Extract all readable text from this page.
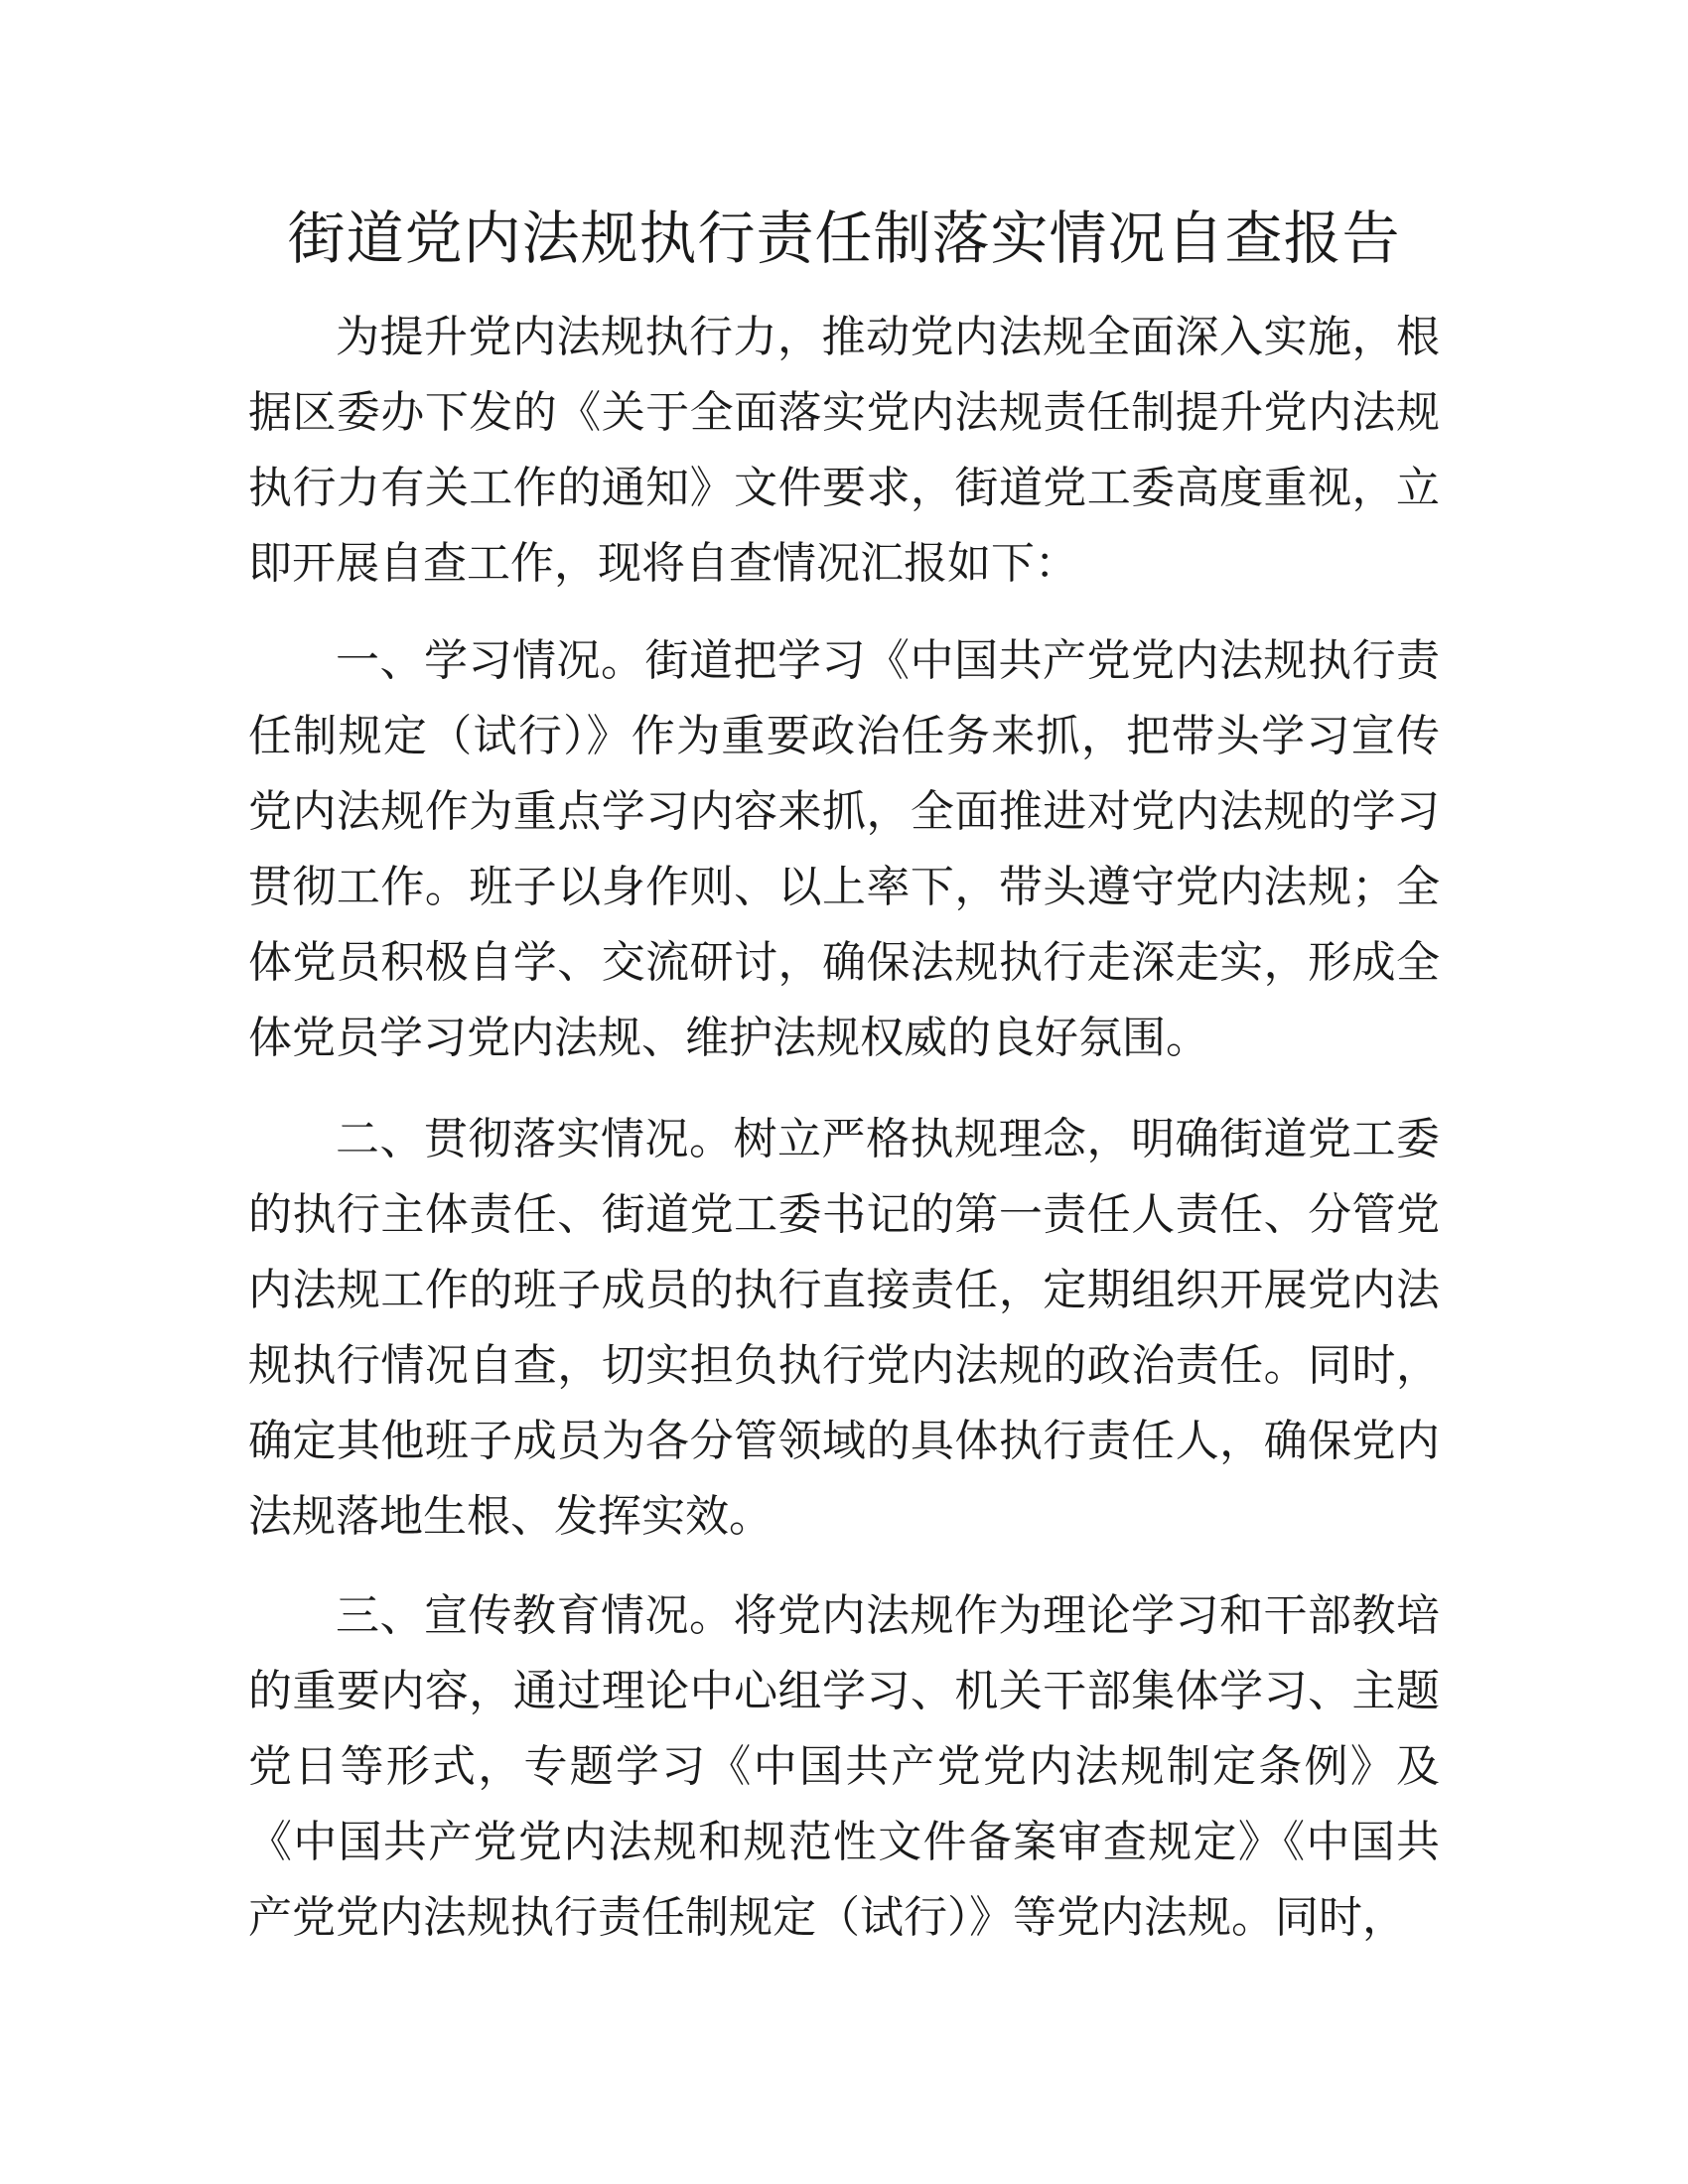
街道党内法规执行责任制落实情况自查报告

为提升党内法规执行力，推动党内法规全面深入实施，根据区委办下发的《关于全面落实党内法规责任制提升党内法规执行力有关工作的通知》文件要求，街道党工委高度重视，立即开展自查工作，现将自查情况汇报如下：

一、学习情况。街道把学习《中国共产党党内法规执行责任制规定（试行）》作为重要政治任务来抓，把带头学习宣传党内法规作为重点学习内容来抓，全面推进对党内法规的学习贯彻工作。班子以身作则、以上率下，带头遵守党内法规；全体党员积极自学、交流研讨，确保法规执行走深走实，形成全体党员学习党内法规、维护法规权威的良好氛围。

二、贯彻落实情况。树立严格执规理念，明确街道党工委的执行主体责任、街道党工委书记的第一责任人责任、分管党内法规工作的班子成员的执行直接责任，定期组织开展党内法规执行情况自查，切实担负执行党内法规的政治责任。同时，确定其他班子成员为各分管领域的具体执行责任人，确保党内法规落地生根、发挥实效。

三、宣传教育情况。将党内法规作为理论学习和干部教培的重要内容，通过理论中心组学习、机关干部集体学习、主题党日等形式，专题学习《中国共产党党内法规制定条例》及《中国共产党党内法规和规范性文件备案审查规定》《中国共产党党内法规执行责任制规定（试行）》等党内法规。同时，
